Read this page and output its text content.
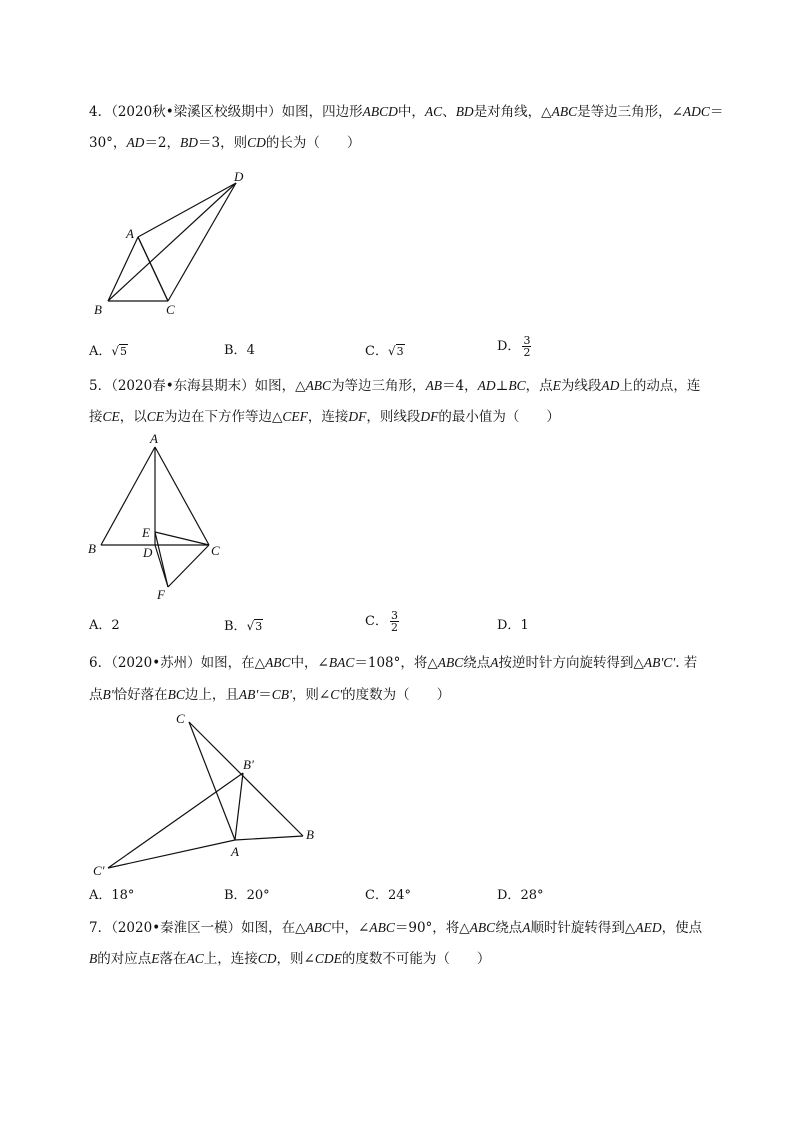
4．（2020秋•梁溪区校级期中）如图，四边形ABCD中，AC、BD是对角线，△ABC是等边三角形，∠ADC＝
30°，AD＝2，BD＝3，则CD的长为（　　）
A
B	C
D
A．√5	B．4	C．√3	D． $\frac{3}{2}$
5．（2020春•东海县期末）如图，△ABC为等边三角形，AB＝4，AD⊥BC，点E为线段AD上的动点，连
接CE，以CE为边在下方作等边△CEF，连接DF，则线段DF的最小值为（　　）
A
B	C
D
E
F
A．2	B．√3	C． $\frac{3}{2}$	D．1
6．（2020•苏州）如图，在△ABC中，∠BAC＝108°，将△ABC绕点A按逆时针方向旋转得到△AB'C'. 若
点B'恰好落在BC边上，且AB'＝CB'，则∠C'的度数为（　　）
C
B'
B
A
C'
A．18°	B．20°	C．24°	D．28°
7．（2020•秦淮区一模）如图，在△ABC中，∠ABC＝90°，将△ABC绕点A顺时针旋转得到△AED，使点
B的对应点E落在AC上，连接CD，则∠CDE的度数不可能为（　　）
